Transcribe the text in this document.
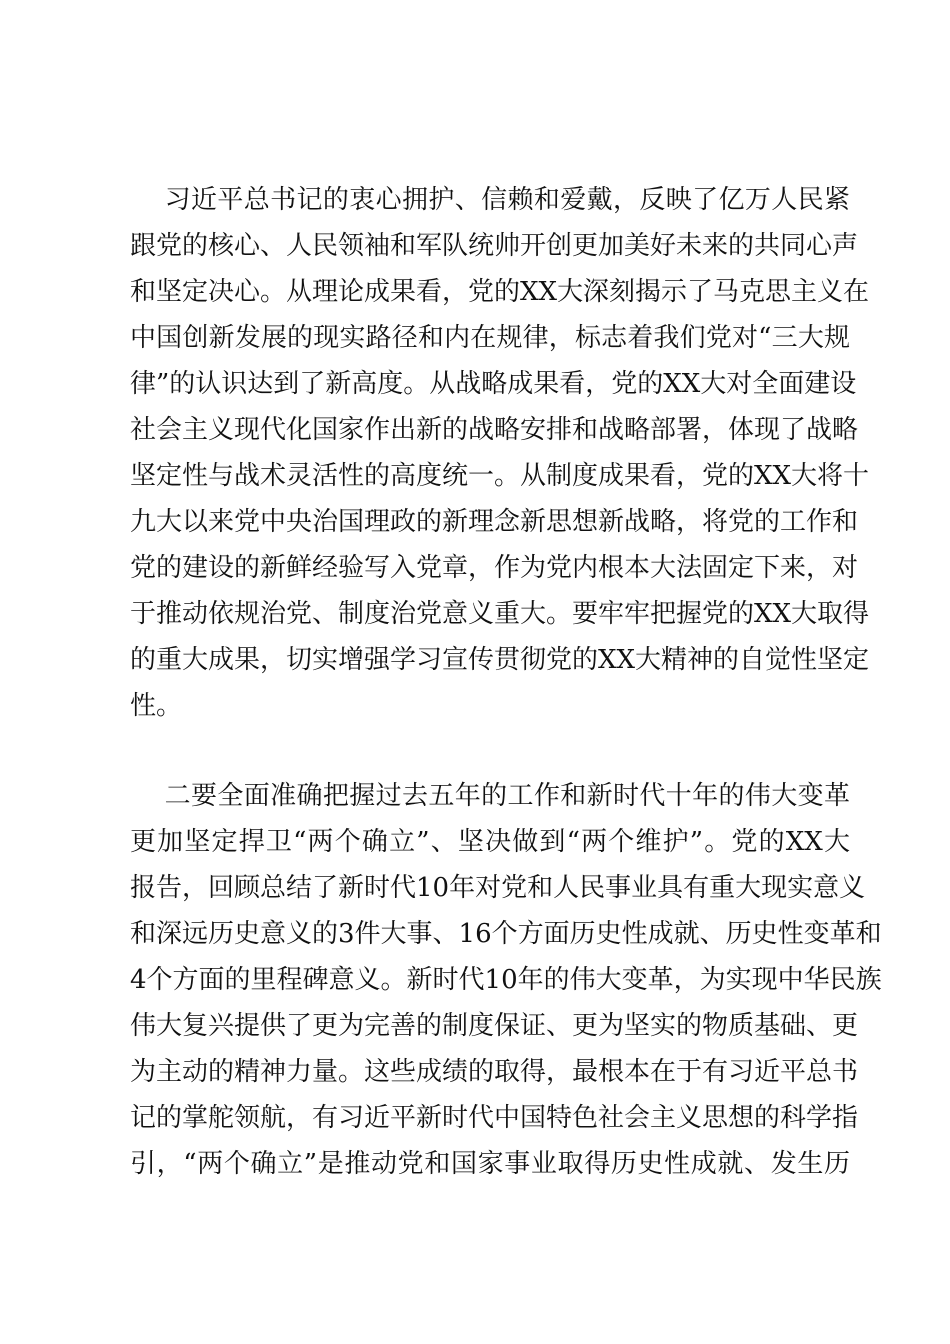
习近平总书记的衷心拥护、信赖和爱戴，反映了亿万人民紧
跟党的核心、人民领袖和军队统帅开创更加美好未来的共同心声
和坚定决心。从理论成果看，党的XX大深刻揭示了马克思主义在
中国创新发展的现实路径和内在规律，标志着我们党对“三大规
律”的认识达到了新高度。从战略成果看，党的XX大对全面建设
社会主义现代化国家作出新的战略安排和战略部署，体现了战略
坚定性与战术灵活性的高度统一。从制度成果看，党的XX大将十
九大以来党中央治国理政的新理念新思想新战略，将党的工作和
党的建设的新鲜经验写入党章，作为党内根本大法固定下来，对
于推动依规治党、制度治党意义重大。要牢牢把握党的XX大取得
的重大成果，切实增强学习宣传贯彻党的XX大精神的自觉性坚定
性。
二要全面准确把握过去五年的工作和新时代十年的伟大变革
更加坚定捍卫“两个确立”、坚决做到“两个维护”。党的XX大
报告，回顾总结了新时代10年对党和人民事业具有重大现实意义
和深远历史意义的3件大事、16个方面历史性成就、历史性变革和
4个方面的里程碑意义。新时代10年的伟大变革，为实现中华民族
伟大复兴提供了更为完善的制度保证、更为坚实的物质基础、更
为主动的精神力量。这些成绩的取得，最根本在于有习近平总书
记的掌舵领航，有习近平新时代中国特色社会主义思想的科学指
引，“两个确立”是推动党和国家事业取得历史性成就、发生历
